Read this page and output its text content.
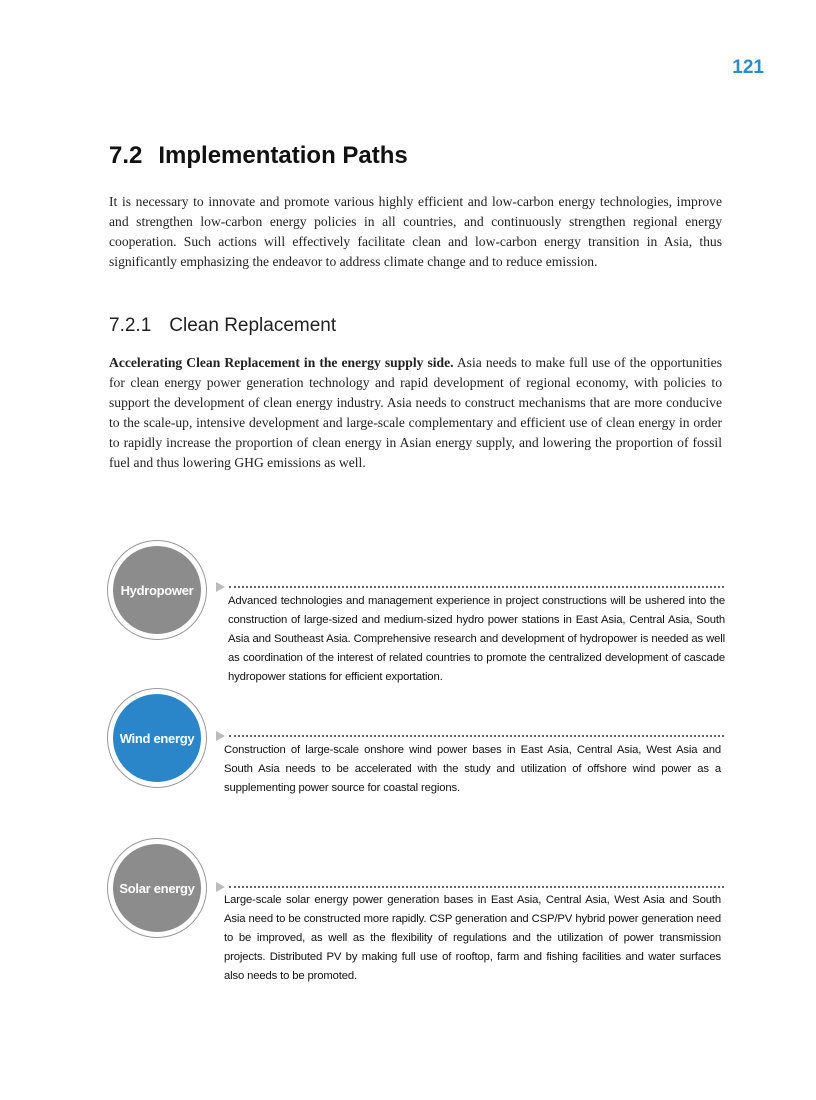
121
7.2 Implementation Paths

It is necessary to innovate and promote various highly efficient and low-carbon energy technologies, improve and strengthen low-carbon energy policies in all countries, and continuously strengthen regional energy cooperation. Such actions will effectively facilitate clean and low-carbon energy transition in Asia, thus significantly emphasizing the endeavor to address climate change and to reduce emission.

7.2.1 Clean Replacement

Accelerating Clean Replacement in the energy supply side. Asia needs to make full use of the opportunities for clean energy power generation technology and rapid development of regional economy, with policies to support the development of clean energy industry. Asia needs to construct mechanisms that are more conducive to the scale-up, intensive development and large-scale complementary and efficient use of clean energy in order to rapidly increase the proportion of clean energy in Asian energy supply, and lowering the proportion of fossil fuel and thus lowering GHG emissions as well.

Hydropower

Advanced technologies and management experience in project constructions will be ushered into the construction of large-sized and medium-sized hydro power stations in East Asia, Central Asia, South Asia and Southeast Asia. Comprehensive research and development of hydropower is needed as well as coordination of the interest of related countries to promote the centralized development of cascade hydropower stations for efficient exportation.

Wind energy

Construction of large-scale onshore wind power bases in East Asia, Central Asia, West Asia and South Asia needs to be accelerated with the study and utilization of offshore wind power as a supplementing power source for coastal regions.

Solar energy

Large-scale solar energy power generation bases in East Asia, Central Asia, West Asia and South Asia need to be constructed more rapidly. CSP generation and CSP/PV hybrid power generation need to be improved, as well as the flexibility of regulations and the utilization of power transmission projects. Distributed PV by making full use of rooftop, farm and fishing facilities and water surfaces also needs to be promoted.
